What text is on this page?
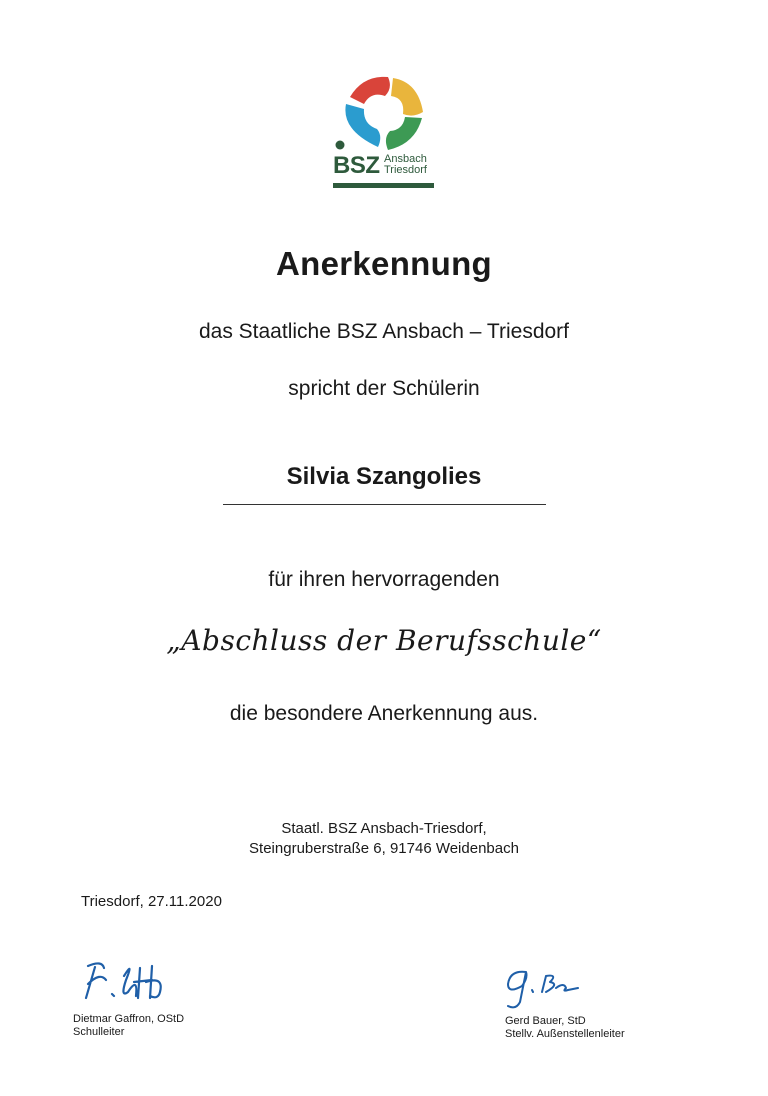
BSZ Ansbach
Triesdorf
Anerkennung
das Staatliche BSZ Ansbach – Triesdorf
spricht der Schülerin
Silvia Szangolies
für ihren hervorragenden
„Abschluss der Berufsschule“
die besondere Anerkennung aus.
Staatl. BSZ Ansbach-Triesdorf,
Steingruberstraße 6, 91746 Weidenbach
Triesdorf, 27.11.2020
Dietmar Gaffron, OStD
Schulleiter
Gerd Bauer, StD
Stellv. Außenstellenleiter
